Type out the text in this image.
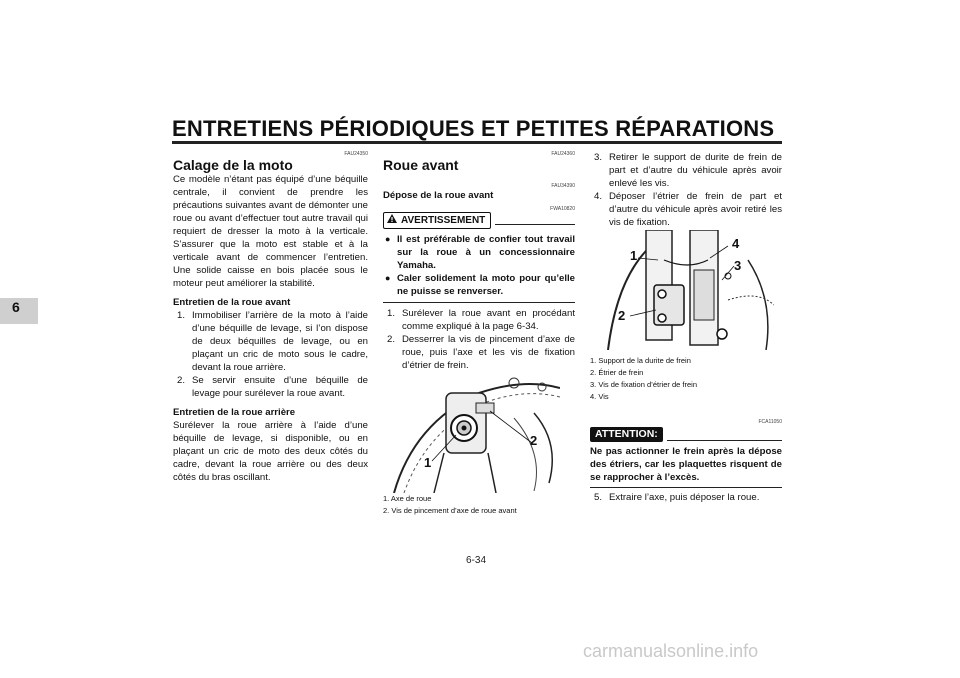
ENTRETIENS PÉRIODIQUES ET PETITES RÉPARATIONS
6
FAU24350
Calage de la moto

Ce modèle n’étant pas équipé d’une béquille centrale, il convient de prendre les précautions suivantes avant de démonter une roue ou avant d’effectuer tout autre travail qui requiert de dresser la moto à la verticale. S’assurer que la moto est stable et à la verticale avant de commencer l’entretien. Une solide caisse en bois placée sous le moteur peut améliorer la stabilité.

Entretien de la roue avant
1. Immobiliser l’arrière de la moto à l’aide d’une béquille de levage, si l’on dispose de deux béquilles de levage, ou en plaçant un cric de moto sous le cadre, devant la roue arrière.
2. Se servir ensuite d’une béquille de levage pour surélever la roue avant.
Entretien de la roue arrière

Surélever la roue arrière à l’aide d’une béquille de levage, si disponible, ou en plaçant un cric de moto des deux côtés du cadre, devant la roue arrière ou des deux côtés du bras oscillant.

FAU24360
Roue avant
FAU34390
Dépose de la roue avant
FWA10820
AVERTISSEMENT
● Il est préférable de confier tout travail sur la roue à un concessionnaire Yamaha.
● Caler solidement la moto pour qu’elle ne puisse se renverser.
1. Surélever la roue avant en procédant comme expliqué à la page 6-34.
2. Desserrer la vis de pincement d’axe de roue, puis l’axe et les vis de fixation d’étrier de frein.
1
2
1. Axe de roue
2. Vis de pincement d’axe de roue avant
3. Retirer le support de durite de frein de part et d’autre du véhicule après avoir enlevé les vis.
4. Déposer l’étrier de frein de part et d’autre du véhicule après avoir retiré les vis de fixation.
1
2
3
4
1. Support de la durite de frein
2. Étrier de frein
3. Vis de fixation d’étrier de frein
4. Vis
FCA11050
ATTENTION:
Ne pas actionner le frein après la dépose des étriers, car les plaquettes risquent de se rapprocher à l’excès.
5. Extraire l’axe, puis déposer la roue.
6-34
carmanualsonline.info
